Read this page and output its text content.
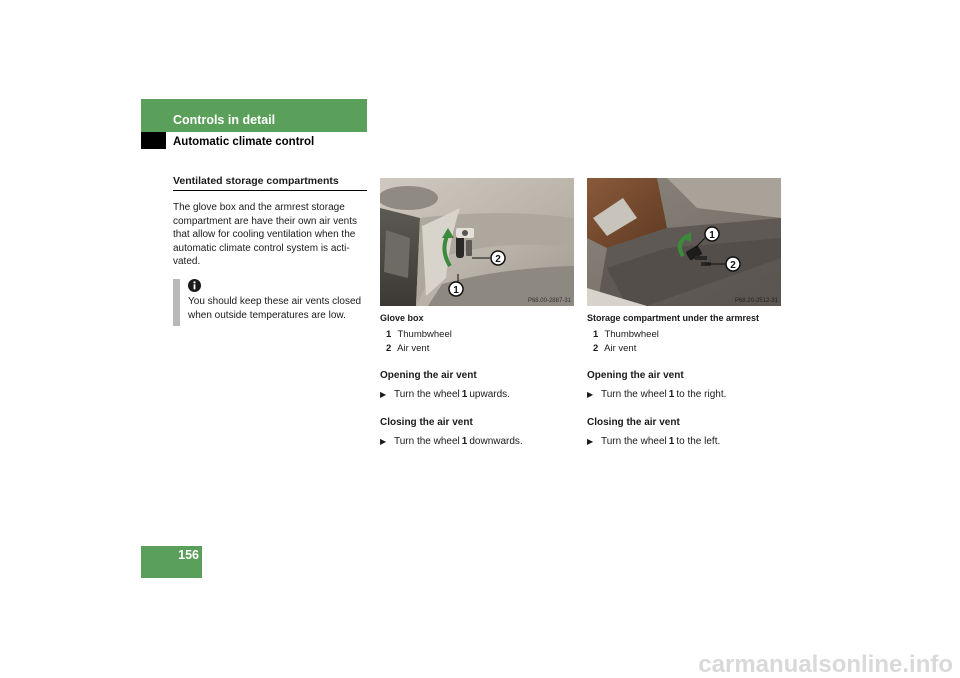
Controls in detail
Automatic climate control
Ventilated storage compartments
The glove box and the armrest storage compartment are have their own air vents that allow for cooling ventilation when the automatic climate control system is acti-vated.
You should keep these air vents closed when outside temperatures are low.
1
2
P68.00-2887-31
Glove box
1 Thumbwheel
2 Air vent
Opening the air vent
▶ Turn the wheel 1 upwards.
Closing the air vent
▶ Turn the wheel 1 downwards.
1
2
P68.20-2512-31
Storage compartment under the armrest
1 Thumbwheel
2 Air vent
Opening the air vent
▶ Turn the wheel 1 to the right.
Closing the air vent
▶ Turn the wheel 1 to the left.
156
carmanualsonline.info
